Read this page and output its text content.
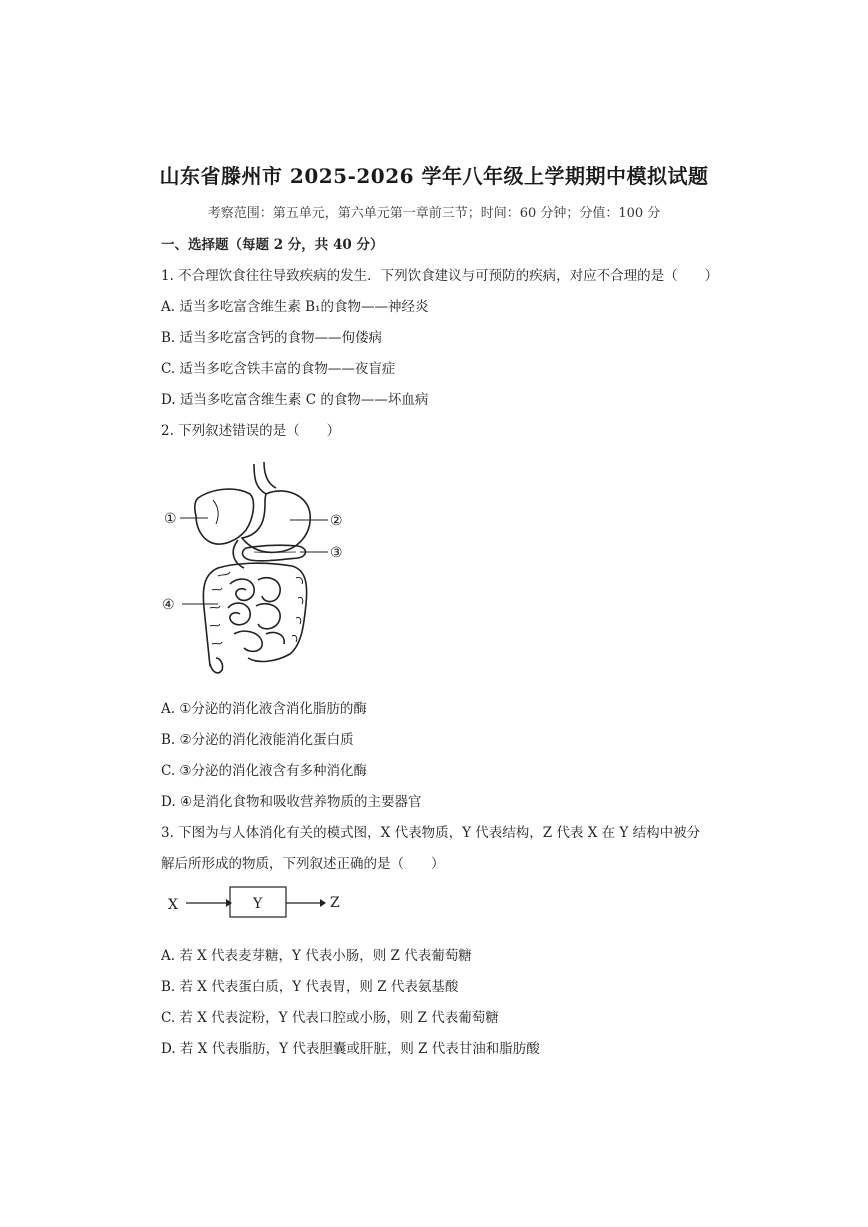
山东省滕州市 2025-2026 学年八年级上学期期中模拟试题
考察范围：第五单元，第六单元第一章前三节；时间：60 分钟；分值：100 分
一、选择题（每题 2 分，共 40 分）
1. 不合理饮食往往导致疾病的发生．下列饮食建议与可预防的疾病，对应不合理的是（　　）
A. 适当多吃富含维生素 B₁的食物——神经炎
B. 适当多吃富含钙的食物——佝偻病
C. 适当多吃含铁丰富的食物——夜盲症
D. 适当多吃富含维生素 C 的食物——坏血病
2. 下列叙述错误的是（　　）
①	②
③
④
A. ①分泌的消化液含消化脂肪的酶
B. ②分泌的消化液能消化蛋白质
C. ③分泌的消化液含有多种消化酶
D. ④是消化食物和吸收营养物质的主要器官
3. 下图为与人体消化有关的模式图，X 代表物质，Y 代表结构，Z 代表 X 在 Y 结构中被分
解后所形成的物质，下列叙述正确的是（　　）
X	Y	Z
A. 若 X 代表麦芽糖，Y 代表小肠，则 Z 代表葡萄糖
B. 若 X 代表蛋白质，Y 代表胃，则 Z 代表氨基酸
C. 若 X 代表淀粉，Y 代表口腔或小肠，则 Z 代表葡萄糖
D. 若 X 代表脂肪，Y 代表胆囊或肝脏，则 Z 代表甘油和脂肪酸
